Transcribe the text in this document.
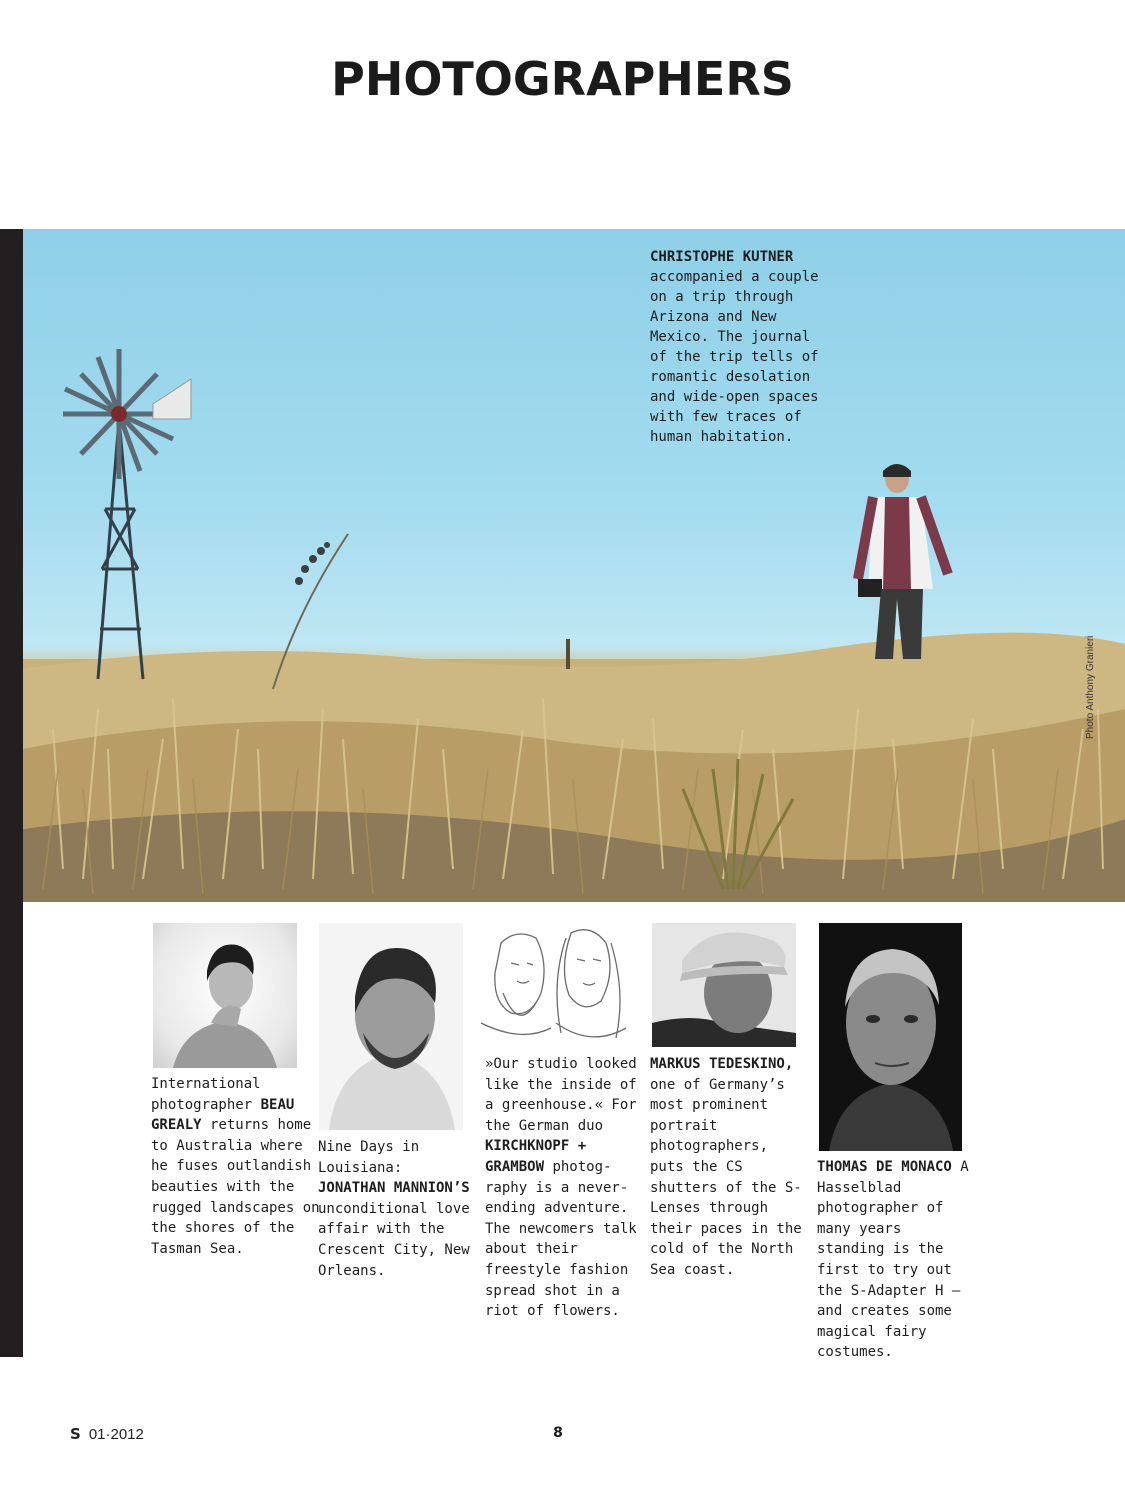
PHOTOGRAPHERS
CHRISTOPHE KUTNER accompanied a couple on a trip through Arizona and New Mexico. The journal of the trip tells of romantic desolation and wide-open spaces with few traces of human habitation.
Photo Anthony Granieri

International photographer BEAU GREALY returns home to Australia where he fuses outlandish beauties with the rugged landscapes on the shores of the Tasman Sea.

Nine Days in Louisiana: JONATHAN MANNION’S unconditional love affair with the Crescent City, New Orleans.

»Our studio looked like the inside of a greenhouse.« For the German duo KIRCHKNOPF + GRAMBOW photog-raphy is a never-ending adventure. The newcomers talk about their freestyle fashion spread shot in a riot of flowers.

MARKUS TEDESKINO, one of Germany’s most prominent portrait photographers, puts the CS shutters of the S-Lenses through their paces in the cold of the North Sea coast.

THOMAS DE MONACO A Hasselblad photographer of many years standing is the first to try out the S-Adapter H – and creates some magical fairy costumes.

S 01·2012	8
